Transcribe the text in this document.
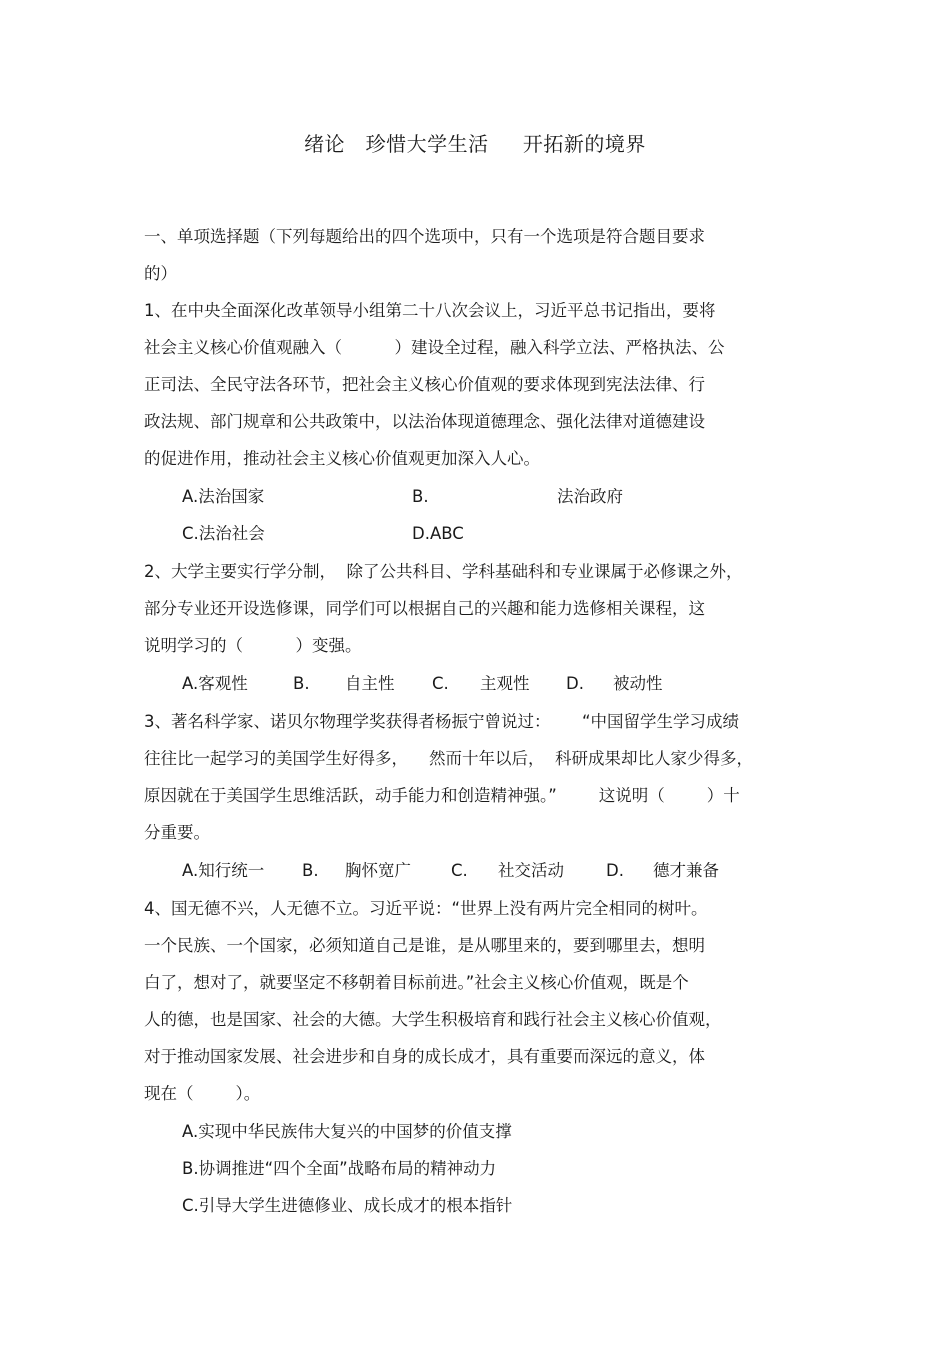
绪论   珍惜大学生活     开拓新的境界
一、单项选择题（下列每题给出的四个选项中，只有一个选项是符合题目要求
的）
1、在中央全面深化改革领导小组第二十八次会议上，习近平总书记指出，要将
社会主义核心价值观融入（          ）建设全过程，融入科学立法、严格执法、公
正司法、全民守法各环节，把社会主义核心价值观的要求体现到宪法法律、行
政法规、部门规章和公共政策中，以法治体现道德理念、强化法律对道德建设
的促进作用，推动社会主义核心价值观更加深入人心。
A.法治国家	B.	法治政府
C.法治社会	D.ABC
2、大学主要实行学分制，  除了公共科目、学科基础科和专业课属于必修课之外，
部分专业还开设选修课，同学们可以根据自己的兴趣和能力选修相关课程，这
说明学习的（          ）变强。
A.客观性	B. 自主性 C. 主观性 D. 被动性
3、著名科学家、诺贝尔物理学奖获得者杨振宁曾说过：      “中国留学生学习成绩
往往比一起学习的美国学生好得多，    然而十年以后，  科研成果却比人家少得多，
原因就在于美国学生思维活跃，动手能力和创造精神强。”        这说明（        ）十
分重要。
A.知行统一 B. 胸怀宽广 C. 社交活动	D. 德才兼备
4、国无德不兴，人无德不立。习近平说：“世界上没有两片完全相同的树叶。
一个民族、一个国家，必须知道自己是谁，是从哪里来的，要到哪里去，想明
白了，想对了，就要坚定不移朝着目标前进。”社会主义核心价值观，既是个
人的德，也是国家、社会的大德。大学生积极培育和践行社会主义核心价值观，
对于推动国家发展、社会进步和自身的成长成才，具有重要而深远的意义，体
现在（        ）。
A.实现中华民族伟大复兴的中国梦的价值支撑
B.协调推进“四个全面”战略布局的精神动力
C.引导大学生进德修业、成长成才的根本指针
